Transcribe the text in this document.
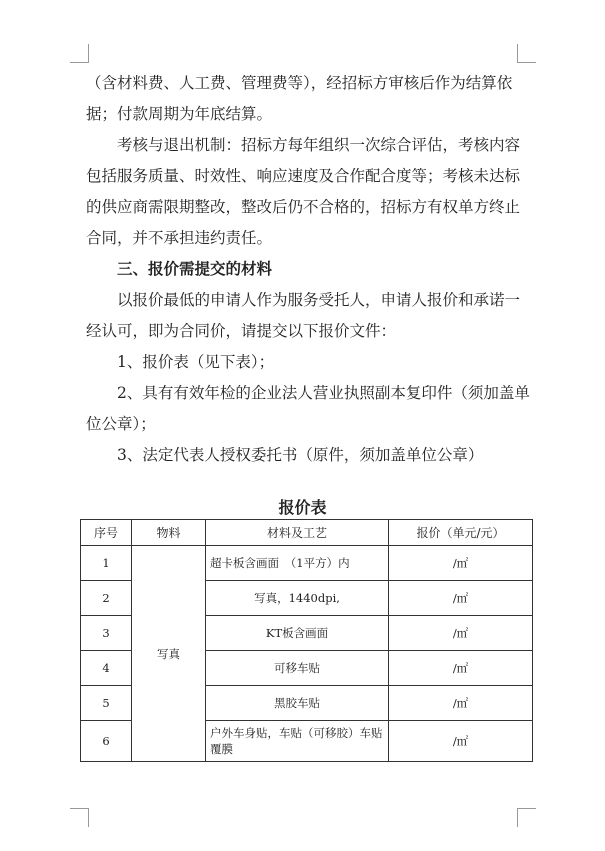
（含材料费、人工费、管理费等），经招标方审核后作为结算依据；付款周期为年底结算。

考核与退出机制：招标方每年组织一次综合评估，考核内容包括服务质量、时效性、响应速度及合作配合度等；考核未达标的供应商需限期整改，整改后仍不合格的，招标方有权单方终止合同，并不承担违约责任。

三、报价需提交的材料

以报价最低的申请人作为服务受托人，申请人报价和承诺一经认可，即为合同价，请提交以下报价文件：

1、报价表（见下表）；

2、具有有效年检的企业法人营业执照副本复印件（须加盖单位公章）；

3、法定代表人授权委托书（原件，须加盖单位公章）

报价表
序号	物料	材料及工艺	报价（单元/元）
1	写真	超卡板含画面　（1平方）内	/㎡
2		写真，1440dpi,	/㎡
3		KT板含画面	/㎡
4		可移车贴	/㎡
5		黑胶车贴	/㎡
6		户外车身贴，车贴（可移胶）车贴覆膜	/㎡
